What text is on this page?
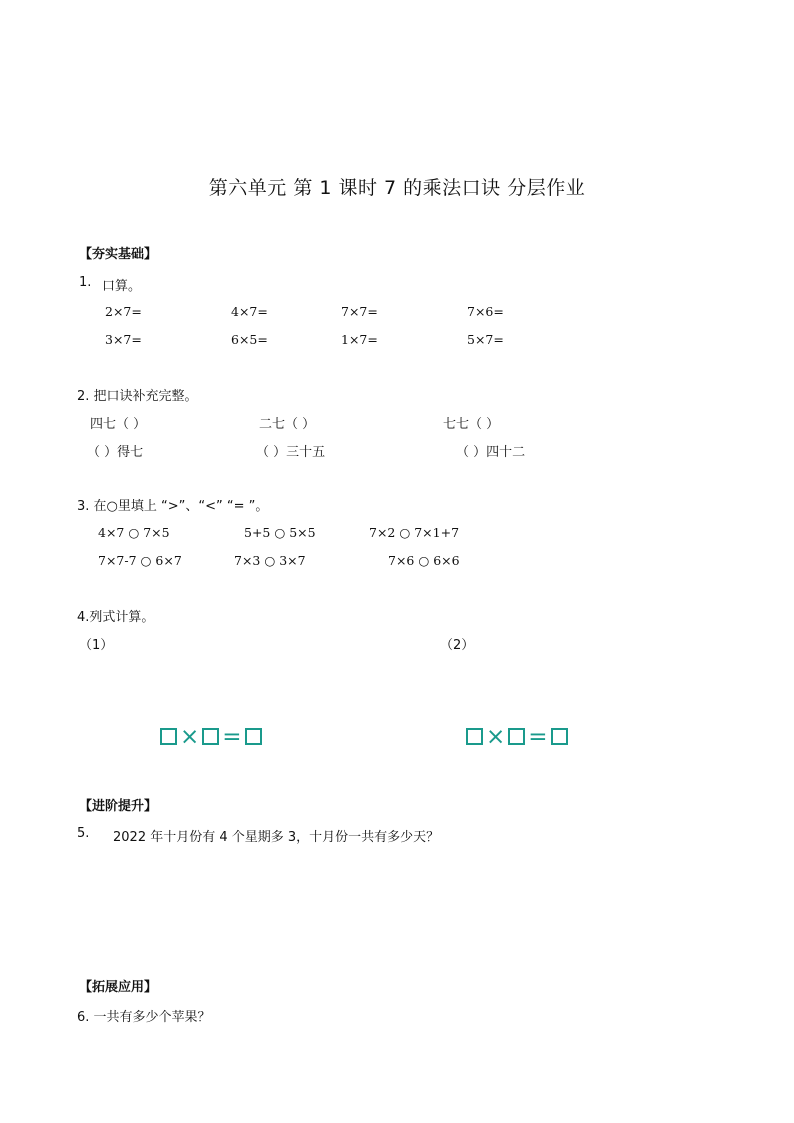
第六单元 第 1 课时 7 的乘法口诀 分层作业
【夯实基础】
1. 口算。
2×7=	4×7=	7×7=	7×6=
3×7=	6×5=	1×7=	5×7=
2. 把口诀补充完整。
四七（ ）	二七（ ）	七七（ ）
（ ）得七	（ ）三十五	（ ）四十二
3. 在○里填上 “>”、“<” “= ”。
4×7 ○ 7×5	5+5 ○ 5×5	7×2 ○ 7×1+7
7×7-7 ○ 6×7	7×3 ○ 3×7	7×6 ○ 6×6
4.列式计算。
（1）	（2）
× =	× =
【进阶提升】
5. 2022 年十月份有 4 个星期多 3，十月份一共有多少天？
【拓展应用】
6. 一共有多少个苹果？
